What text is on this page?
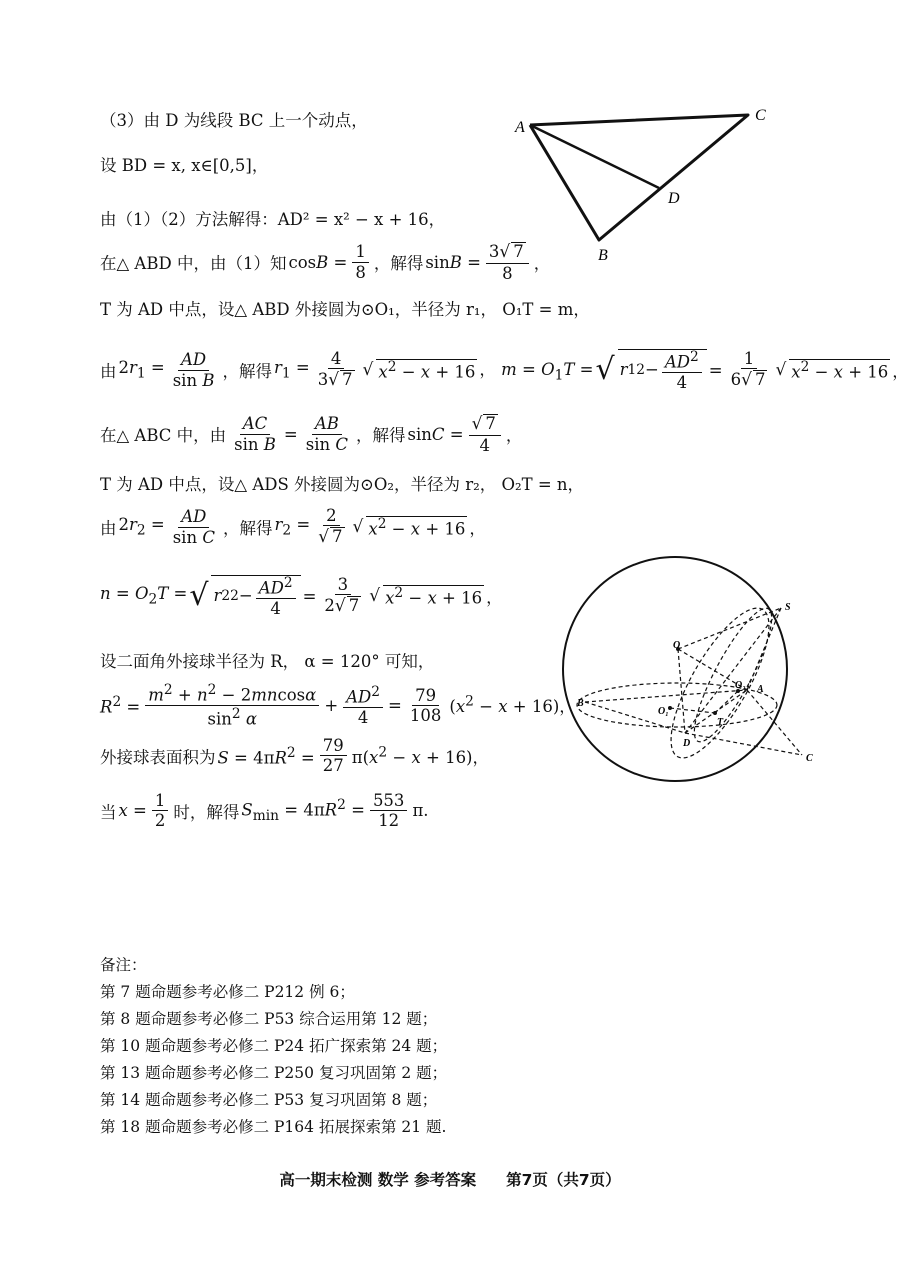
（3）由 D 为线段 BC 上一个动点，
设 BD = x, x∈[0,5]，
由（1）（2）方法解得：AD² = x² − x + 16，
在△ ABD 中，由（1）知 $\cos B = \frac{1}{8}$ ，解得 $\sin B = \frac{3√ 7}{8}$ ，
T 为 AD 中点，设△ ABD 外接圆为⊙O₁，半径为 r₁， O₁T = m，
由 $2r_1 = \frac{AD}{\text{sin B}}$ ，解得 $r_1 = \frac{4}{3√ 7}$ √ $x^2 - x + 16$ ， $m = O_1T$ = √ r 1 $2 - \frac{AD^2}{4} = \frac{1}{6√ 7}$ √ $x^2 - x + 16$ ，
在△ ABC 中，由 $\frac{AC}{\text{sin B}} = \frac{AB}{\text{sin C}}$ ，解得 $\sin C = \frac{√ 7}{4}$ ，
T 为 AD 中点，设△ ADS 外接圆为⊙O₂，半径为 r₂， O₂T = n，
由 $2r_2 = \frac{AD}{\text{sin C}}$ ，解得 $r_2 = \frac{2}{√ 7}$ √ $x^2 - x + 16$ ，
$n = O_2T$ = √ r 2 $2 - \frac{AD^2}{4} = \frac{3}{2√ 7}$ √ $x^2 - x + 16$ ，
设二面角外接球半径为 R， α = 120° 可知，
$R^2 = \frac{m^2 + n^2 - 2mncos\alpha}{\sin^2 \alpha} + \frac{AD^2}{4} = \frac{79}{108} (x^2 - x + 16)$，
外接球表面积为 $S = 4\pi R^2 = \frac{79}{27} \pi(x^2 - x + 16)$，
当 $x = \frac{1}{2}$ 时，解得 $S_{min} = 4\pi R^2 = \frac{553}{12} \pi$.
备注：
第 7 题命题参考必修二 P212 例 6；
第 8 题命题参考必修二 P53 综合运用第 12 题；
第 10 题命题参考必修二 P24 拓广探索第 24 题；
第 13 题命题参考必修二 P250 复习巩固第 2 题；
第 14 题命题参考必修二 P53 复习巩固第 8 题；
第 18 题命题参考必修二 P164 拓展探索第 21 题.
高一期末检测 数学 参考答案 第7页（共7页）
A
C
D
B
S
O
O₂ A
B
O₁
T
D
C
